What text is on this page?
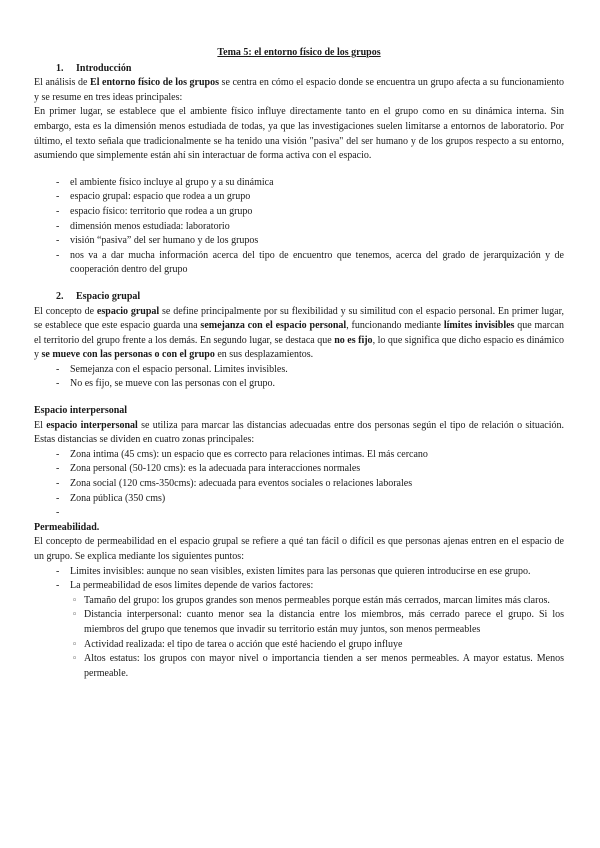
Tema 5: el entorno físico de los grupos
1.	Introducción

El análisis de El entorno físico de los grupos se centra en cómo el espacio donde se encuentra un grupo afecta a su funcionamiento y se resume en tres ideas principales:

En primer lugar, se establece que el ambiente físico influye directamente tanto en el grupo como en su dinámica interna. Sin embargo, esta es la dimensión menos estudiada de todas, ya que las investigaciones suelen limitarse a entornos de laboratorio. Por último, el texto señala que tradicionalmente se ha tenido una visión "pasiva" del ser humano y de los grupos respecto a su entorno, asumiendo que simplemente están ahí sin interactuar de forma activa con el espacio.

- el ambiente físico incluye al grupo y a su dinámica
- espacio grupal: espacio que rodea a un grupo
- espacio físico: territorio que rodea a un grupo
- dimensión menos estudiada: laboratorio
- visión “pasiva” del ser humano y de los grupos
- nos va a dar mucha información acerca del tipo de encuentro que tenemos, acerca del grado de jerarquización y de cooperación dentro del grupo
2.	Espacio grupal

El concepto de espacio grupal se define principalmente por su flexibilidad y su similitud con el espacio personal. En primer lugar, se establece que este espacio guarda una semejanza con el espacio personal, funcionando mediante límites invisibles que marcan el territorio del grupo frente a los demás. En segundo lugar, se destaca que no es fijo, lo que significa que dicho espacio es dinámico y se mueve con las personas o con el grupo en sus desplazamientos.

- Semejanza con el espacio personal. Limites invisibles.
- No es fijo, se mueve con las personas con el grupo.

Espacio interpersonal

El espacio interpersonal se utiliza para marcar las distancias adecuadas entre dos personas según el tipo de relación o situación. Estas distancias se dividen en cuatro zonas principales:

- Zona intima (45 cms): un espacio que es correcto para relaciones intimas. El más cercano
- Zona personal (50-120 cms): es la adecuada para interacciones normales
- Zona social (120 cms-350cms): adecuada para eventos sociales o relaciones laborales
- Zona pública (350 cms)
-

Permeabilidad.

El concepto de permeabilidad en el espacio grupal se refiere a qué tan fácil o difícil es que personas ajenas entren en el espacio de un grupo. Se explica mediante los siguientes puntos:

- Limites invisibles: aunque no sean visibles, existen límites para las personas que quieren introducirse en ese grupo.
- La permeabilidad de esos limites depende de varios factores:
◦ Tamaño del grupo: los grupos grandes son menos permeables porque están más cerrados, marcan limites más claros.
◦ Distancia interpersonal: cuanto menor sea la distancia entre los miembros, más cerrado parece el grupo. Si los miembros del grupo que tenemos que invadir su territorio están muy juntos, son menos permeables
◦ Actividad realizada: el tipo de tarea o acción que esté haciendo el grupo influye
◦ Altos estatus: los grupos con mayor nivel o importancia tienden a ser menos permeables. A mayor estatus. Menos permeable.
